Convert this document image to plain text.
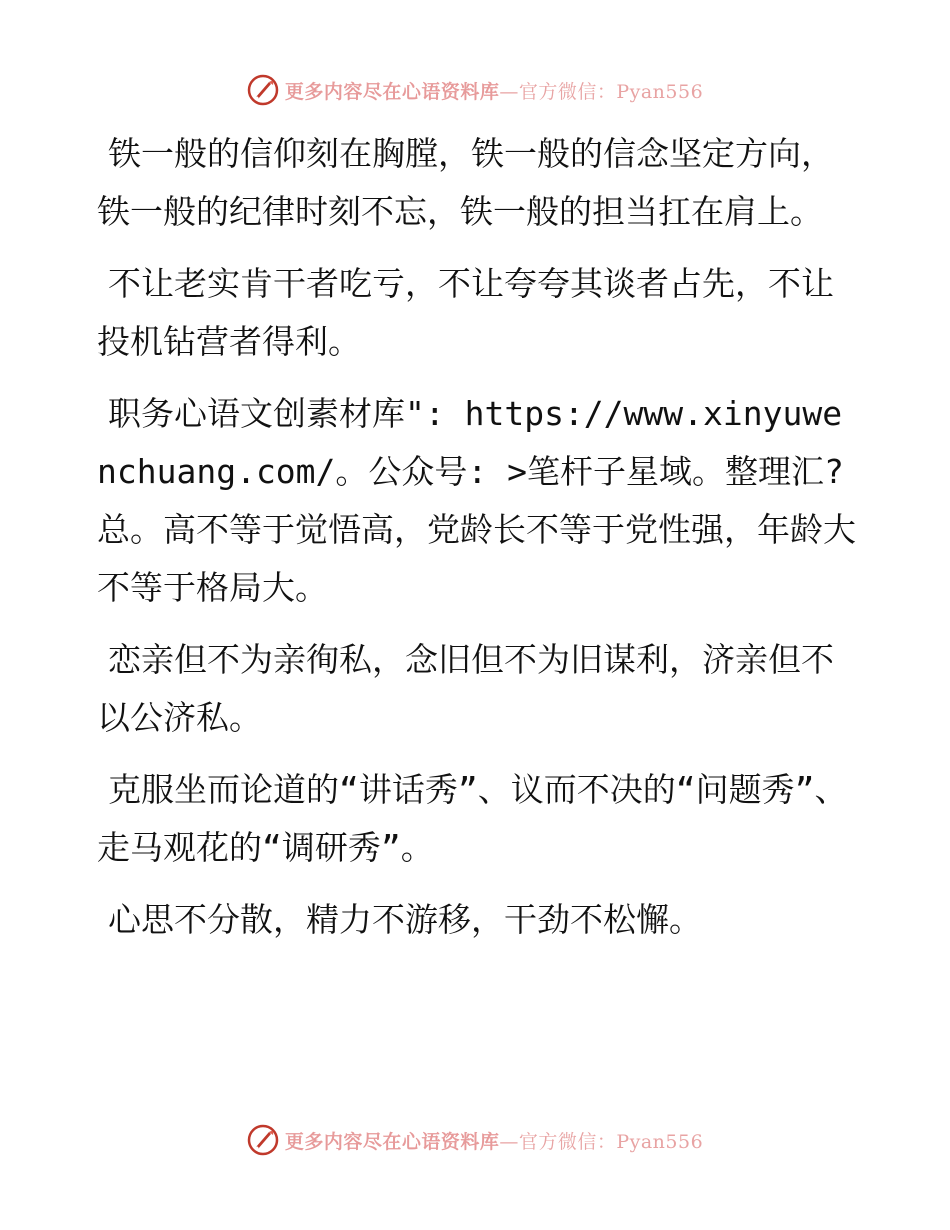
更多内容尽在心语资料库—官方微信：Pyan556

铁一般的信仰刻在胸膛，铁一般的信念坚定方向，铁一般的纪律时刻不忘，铁一般的担当扛在肩上。

不让老实肯干者吃亏，不让夸夸其谈者占先，不让投机钻营者得利。

职务心语文创素材库": https://www.xinyuwenchuang.com/。公众号: >笔杆子星域。整理汇?总。高不等于觉悟高，党龄长不等于党性强，年龄大不等于格局大。

恋亲但不为亲徇私，念旧但不为旧谋利，济亲但不以公济私。

克服坐而论道的“讲话秀”、议而不决的“问题秀”、走马观花的“调研秀”。

心思不分散，精力不游移，干劲不松懈。

更多内容尽在心语资料库—官方微信：Pyan556
